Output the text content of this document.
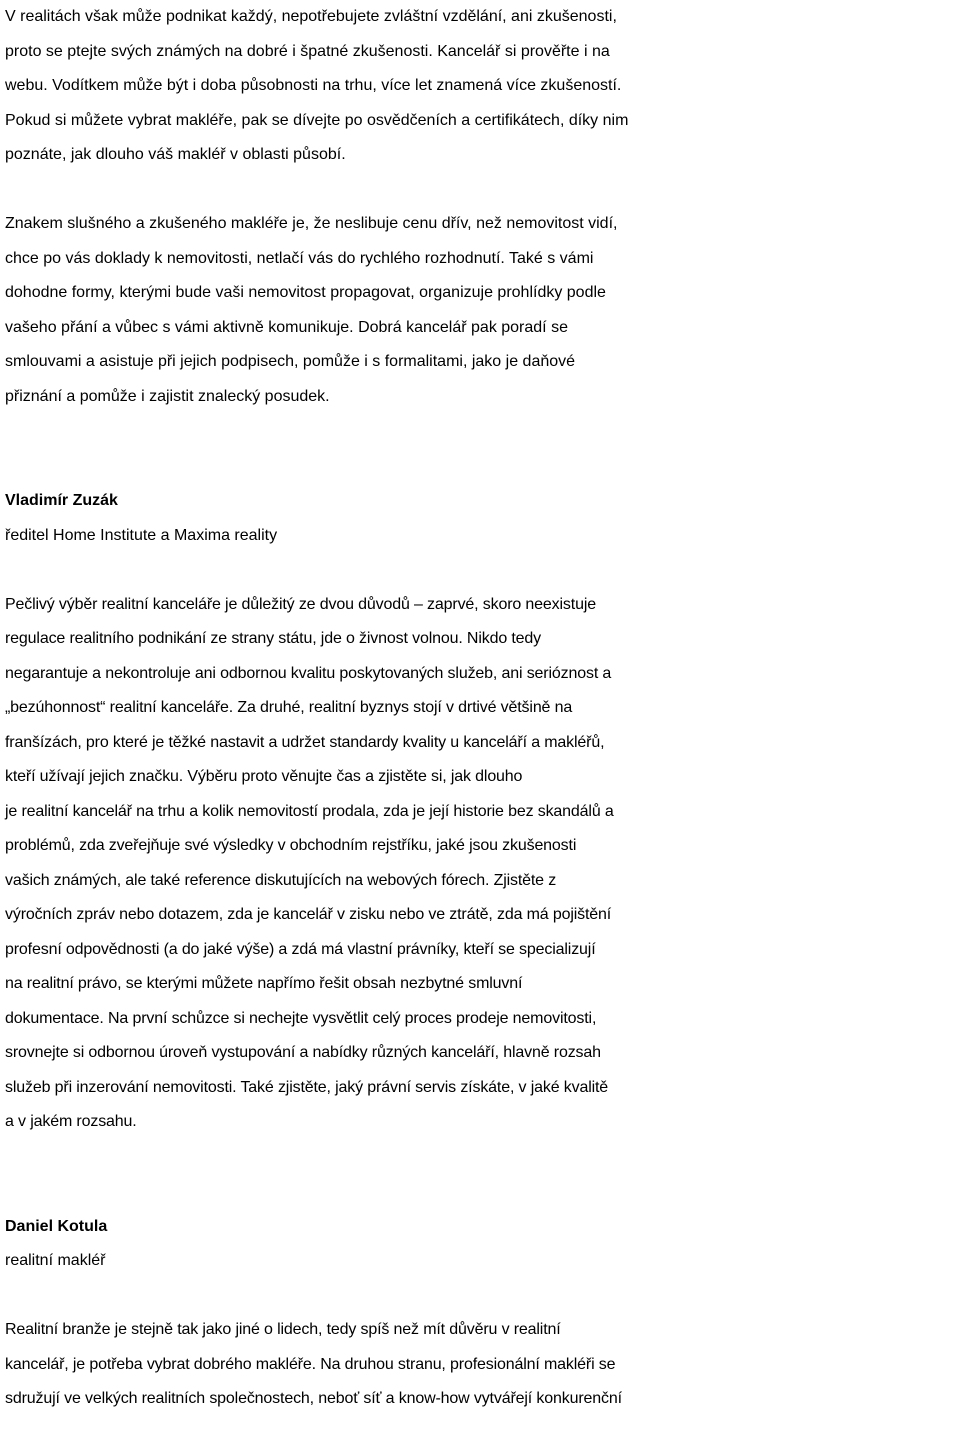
V realitách však může podnikat každý, nepotřebujete zvláštní vzdělání, ani zkušenosti,
proto se ptejte svých známých na dobré i špatné zkušenosti. Kancelář si prověřte i na
webu. Vodítkem může být i doba působnosti na trhu, více let znamená více zkušeností.
Pokud si můžete vybrat makléře, pak se dívejte po osvědčeních a certifikátech, díky nim
poznáte, jak dlouho váš makléř v oblasti působí.
Znakem slušného a zkušeného makléře je, že neslibuje cenu dřív, než nemovitost vidí,
chce po vás doklady k nemovitosti, netlačí vás do rychlého rozhodnutí. Také s vámi
dohodne formy, kterými bude vaši nemovitost propagovat, organizuje prohlídky podle
vašeho přání a vůbec s vámi aktivně komunikuje. Dobrá kancelář pak poradí se
smlouvami a asistuje při jejich podpisech, pomůže i s formalitami, jako je daňové
přiznání a pomůže i zajistit znalecký posudek.
Vladimír Zuzák
ředitel Home Institute a Maxima reality
Pečlivý výběr realitní kanceláře je důležitý ze dvou důvodů – zaprvé, skoro neexistuje
regulace realitního podnikání ze strany státu, jde o živnost volnou. Nikdo tedy
negarantuje a nekontroluje ani odbornou kvalitu poskytovaných služeb, ani serióznost a
„bezúhonnost“ realitní kanceláře. Za druhé, realitní byznys stojí v drtivé většině na
franšízách, pro které je těžké nastavit a udržet standardy kvality u kanceláří a makléřů,
kteří užívají jejich značku. Výběru proto věnujte čas a zjistěte si, jak dlouho
je realitní kancelář na trhu a kolik nemovitostí prodala, zda je její historie bez skandálů a
problémů, zda zveřejňuje své výsledky v obchodním rejstříku, jaké jsou zkušenosti
vašich známých, ale také reference diskutujících na webových fórech. Zjistěte z
výročních zpráv nebo dotazem, zda je kancelář v zisku nebo ve ztrátě, zda má pojištění
profesní odpovědnosti (a do jaké výše) a zdá má vlastní právníky, kteří se specializují
na realitní právo, se kterými můžete napřímo řešit obsah nezbytné smluvní
dokumentace. Na první schůzce si nechejte vysvětlit celý proces prodeje nemovitosti,
srovnejte si odbornou úroveň vystupování a nabídky různých kanceláří, hlavně rozsah
služeb při inzerování nemovitosti. Také zjistěte, jaký právní servis získáte, v jaké kvalitě
a v jakém rozsahu.
Daniel Kotula
realitní makléř
Realitní branže je stejně tak jako jiné o lidech, tedy spíš než mít důvěru v realitní
kancelář, je potřeba vybrat dobrého makléře. Na druhou stranu, profesionální makléři se
sdružují ve velkých realitních společnostech, neboť síť a know-how vytvářejí konkurenční
